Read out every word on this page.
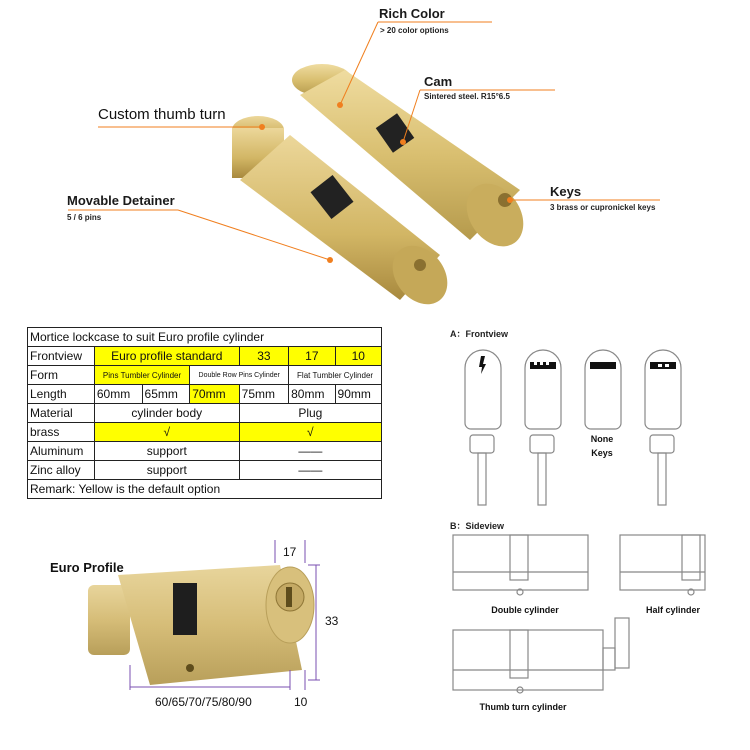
Rich Color
> 20 color options
Cam
Sintered steel. R15°6.5
Custom thumb turn
Keys
3 brass or cupronickel keys
Movable Detainer
5 / 6 pins
Mortice lockcase to suit Euro profile cylinder						
Frontview	Euro profile standard			33	17	10
Form	Pins Tumbler Cylinder		Double Row Pins Cylinder		Flat Tumbler Cylinder	
Length	60mm	65mm	70mm	75mm	80mm	90mm
Material	cylinder body			Plug		
brass	√			√		
Aluminum	support			——		
Zinc alloy	support			——		
Remark: Yellow is the default option						
Euro Profile
17
33
60/65/70/75/80/90	10
A：Frontview
None
Keys
B：Sideview
Double cylinder	Half cylinder
Thumb turn cylinder
